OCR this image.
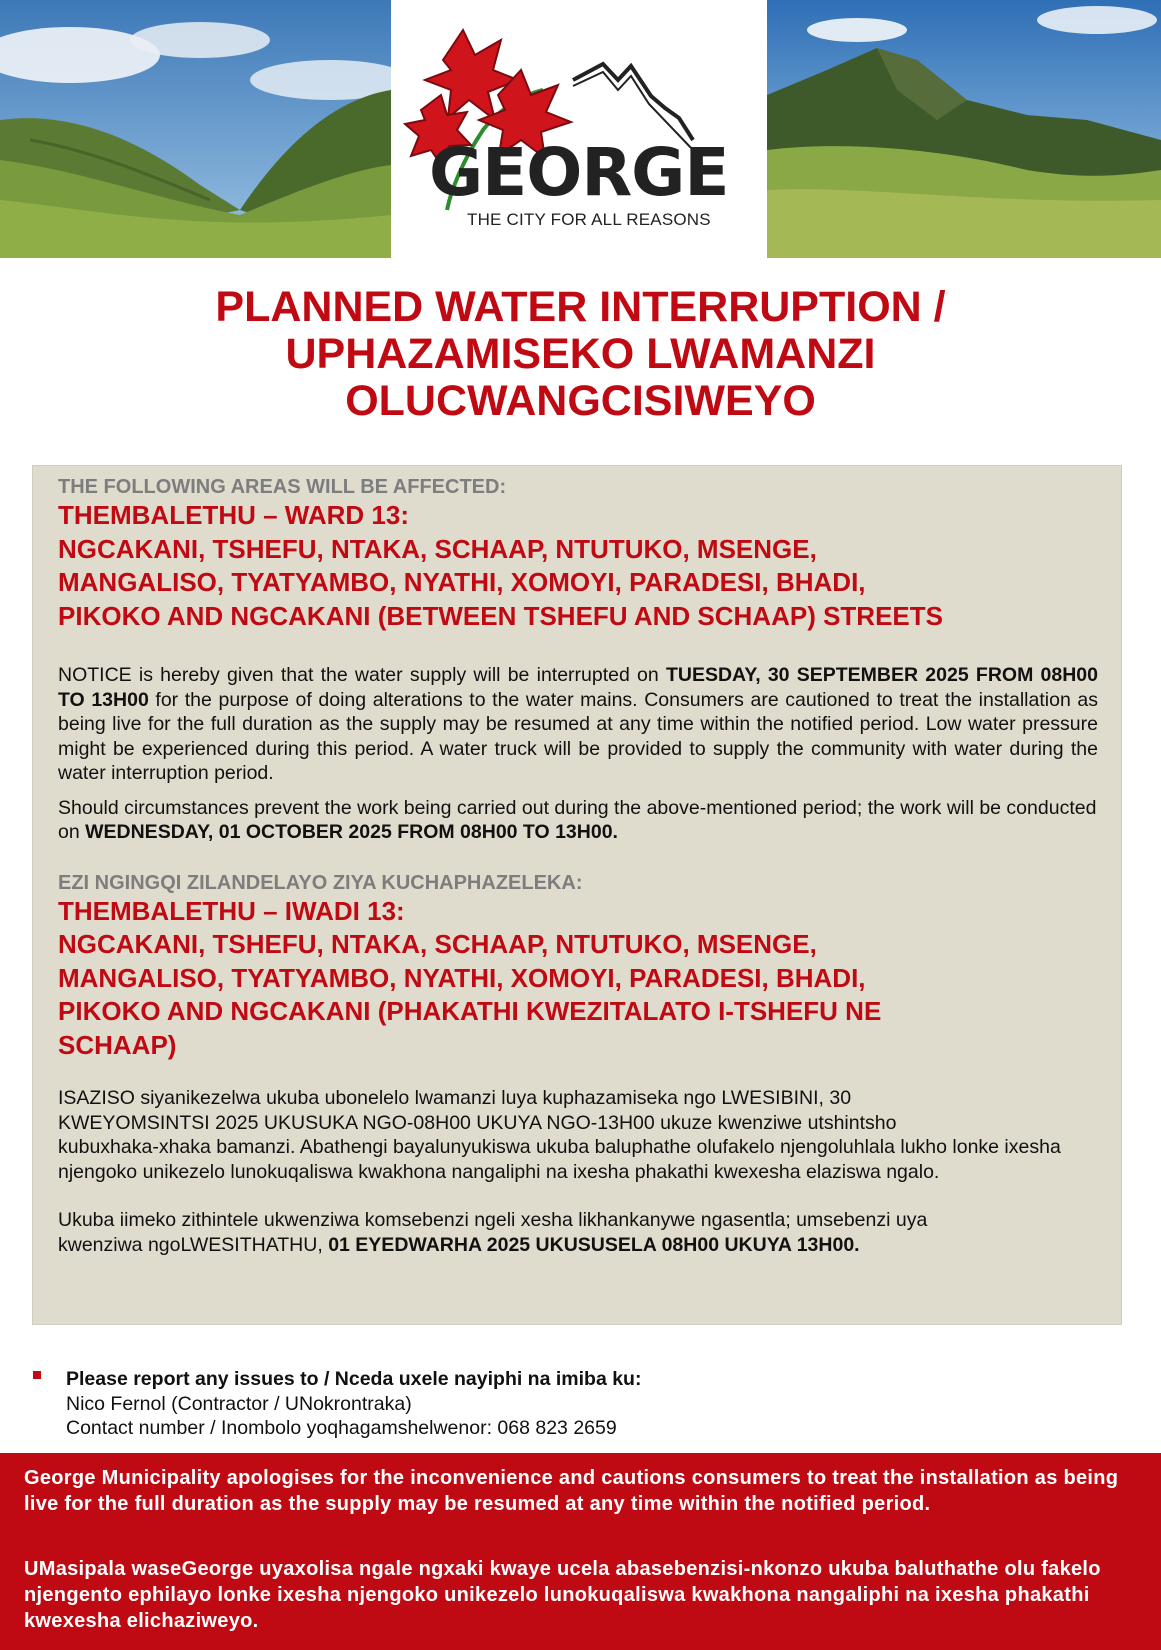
GEORGE
THE CITY FOR ALL REASONS
PLANNED WATER INTERRUPTION /
UPHAZAMISEKO LWAMANZI
OLUCWANGCISIWEYO
THE FOLLOWING AREAS WILL BE AFFECTED:
THEMBALETHU – WARD 13:
NGCAKANI, TSHEFU, NTAKA, SCHAAP, NTUTUKO, MSENGE,
MANGALISO, TYATYAMBO, NYATHI, XOMOYI, PARADESI, BHADI,
PIKOKO AND NGCAKANI (BETWEEN TSHEFU AND SCHAAP) STREETS

NOTICE is hereby given that the water supply will be interrupted on TUESDAY, 30 SEPTEMBER 2025 FROM 08H00 TO 13H00 for the purpose of doing alterations to the water mains. Consumers are cautioned to treat the installation as being live for the full duration as the supply may be resumed at any time within the notified period. Low water pressure might be experienced during this period. A water truck will be provided to supply the community with water during the water interruption period.

Should circumstances prevent the work being carried out during the above-mentioned period; the work will be conducted on WEDNESDAY, 01 OCTOBER 2025 FROM 08H00 TO 13H00.

EZI NGINGQI ZILANDELAYO ZIYA KUCHAPHAZELEKA:
THEMBALETHU – IWADI 13:
NGCAKANI, TSHEFU, NTAKA, SCHAAP, NTUTUKO, MSENGE,
MANGALISO, TYATYAMBO, NYATHI, XOMOYI, PARADESI, BHADI,
PIKOKO AND NGCAKANI (PHAKATHI KWEZITALATO I-TSHEFU NE
SCHAAP)
ISAZISO siyanikezelwa ukuba ubonelelo lwamanzi luya kuphazamiseka ngo LWESIBINI, 30
KWEYOMSINTSI 2025 UKUSUKA NGO-08H00 UKUYA NGO-13H00 ukuze kwenziwe utshintsho
kubuxhaka-xhaka bamanzi. Abathengi bayalunyukiswa ukuba baluphathe olufakelo njengoluhlala lukho lonke ixesha njengoko unikezelo lunokuqaliswa kwakhona nangaliphi na ixesha phakathi kwexesha elaziswa ngalo.
Ukuba iimeko zithintele ukwenziwa komsebenzi ngeli xesha likhankanywe ngasentla; umsebenzi uya
kwenziwa ngoLWESITHATHU, 01 EYEDWARHA 2025 UKUSUSELA 08H00 UKUYA 13H00.
Please report any issues to / Nceda uxele nayiphi na imiba ku:
Nico Fernol (Contractor / UNokrontraka)
Contact number / Inombolo yoqhagamshelwenor: 068 823 2659

George Municipality apologises for the inconvenience and cautions consumers to treat the installation as being live for the full duration as the supply may be resumed at any time within the notified period.

UMasipala waseGeorge uyaxolisa ngale ngxaki kwaye ucela abasebenzisi-nkonzo ukuba baluthathe olu fakelo njengento ephilayo lonke ixesha njengoko unikezelo lunokuqaliswa kwakhona nangaliphi na ixesha phakathi kwexesha elichaziweyo.
